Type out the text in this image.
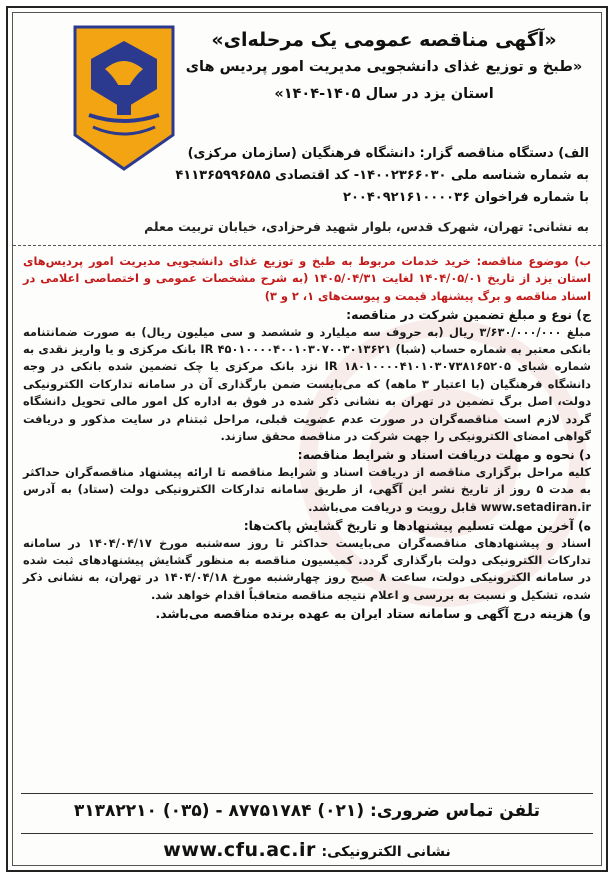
«آگهی مناقصه عمومی یک مرحله‌ای»
«طبخ و توزیع غذای دانشجویی مدیریت امور پردیس های
استان یزد در سال ۱۴۰۵-۱۴۰۴»
الف) دستگاه مناقصه گزار: دانشگاه فرهنگیان (سازمان مرکزی)
به شماره شناسه ملی ۱۴۰۰۲۳۶۶۰۳۰- کد اقتصادی ۴۱۱۳۶۵۹۹۶۵۸۵
با شماره فراخوان ۲۰۰۴۰۹۲۱۶۱۰۰۰۰۳۶
به نشانی: تهران، شهرک قدس، بلوار شهید فرحزادی، خیابان تربیت معلم

ب) موضوع مناقصه: خرید خدمات مربوط به طبخ و توزیع غذای دانشجویی مدیریت امور پردیس‌های استان یزد از تاریخ ۱۴۰۴/۰۵/۰۱ لغایت ۱۴۰۵/۰۴/۳۱ (به شرح مشخصات عمومی و اختصاصی اعلامی در اسناد مناقصه و برگ پیشنهاد قیمت و پیوست‌های ۱، ۲ و ۳)

ج) نوع و مبلغ تضمین شرکت در مناقصه:
مبلغ ۳/۶۳۰/۰۰۰/۰۰۰ ریال (به حروف سه میلیارد و ششصد و سی میلیون ریال) به صورت ضمانتنامه بانکی معتبر به شماره حساب (شبا) IR ۴۵۰۱۰۰۰۰۴۰۰۱۰۳۰۷۰۰۳۰۱۳۶۲۱ بانک مرکزی و یا واریز نقدی به شماره شبای IR ۱۸۰۱۰۰۰۰۴۱۰۱۰۳۰۷۳۸۱۶۵۲۰۵ نزد بانک مرکزی یا چک تضمین شده بانکی در وجه دانشگاه فرهنگیان (با اعتبار ۳ ماهه) که می‌بایست ضمن بارگذاری آن در سامانه تدارکات الکترونیکی دولت، اصل برگ تضمین در تهران به نشانی ذکر شده در فوق به اداره کل امور مالی تحویل دانشگاه گردد لازم است مناقصه‌گران در صورت عدم عضویت قبلی، مراحل ثبتنام در سایت مذکور و دریافت گواهی امضای الکترونیکی را جهت شرکت در مناقصه محقق سازند.

د) نحوه و مهلت دریافت اسناد و شرایط مناقصه:
کلیه مراحل برگزاری مناقصه از دریافت اسناد و شرایط مناقصه تا ارائه پیشنهاد مناقصه‌گران حداکثر به مدت ۵ روز از تاریخ نشر این آگهی، از طریق سامانه تدارکات الکترونیکی دولت (ستاد) به آدرس www.setadiran.ir قابل رویت و دریافت می‌باشد.

ه) آخرین مهلت تسلیم پیشنهادها و تاریخ گشایش پاکت‌ها:
اسناد و پیشنهادهای مناقصه‌گران می‌بایست حداکثر تا روز سه‌شنبه مورخ ۱۴۰۴/۰۴/۱۷ در سامانه تدارکات الکترونیکی دولت بارگذاری گردد. کمیسیون مناقصه به منظور گشایش پیشنهادهای ثبت شده در سامانه الکترونیکی دولت، ساعت ۸ صبح روز چهارشنبه مورخ ۱۴۰۴/۰۴/۱۸ در تهران، به نشانی ذکر شده، تشکیل و نسبت به بررسی و اعلام نتیجه مناقصه متعاقباً اقدام خواهد شد.

و) هزینه درج آگهی و سامانه ستاد ایران به عهده برنده مناقصه می‌باشد.

تلفن تماس ضروری: (۰۲۱) ۸۷۷۵۱۷۸۴ - (۰۳۵) ۳۱۳۸۲۲۱۰
نشانی الکترونیکی: www.cfu.ac.ir
